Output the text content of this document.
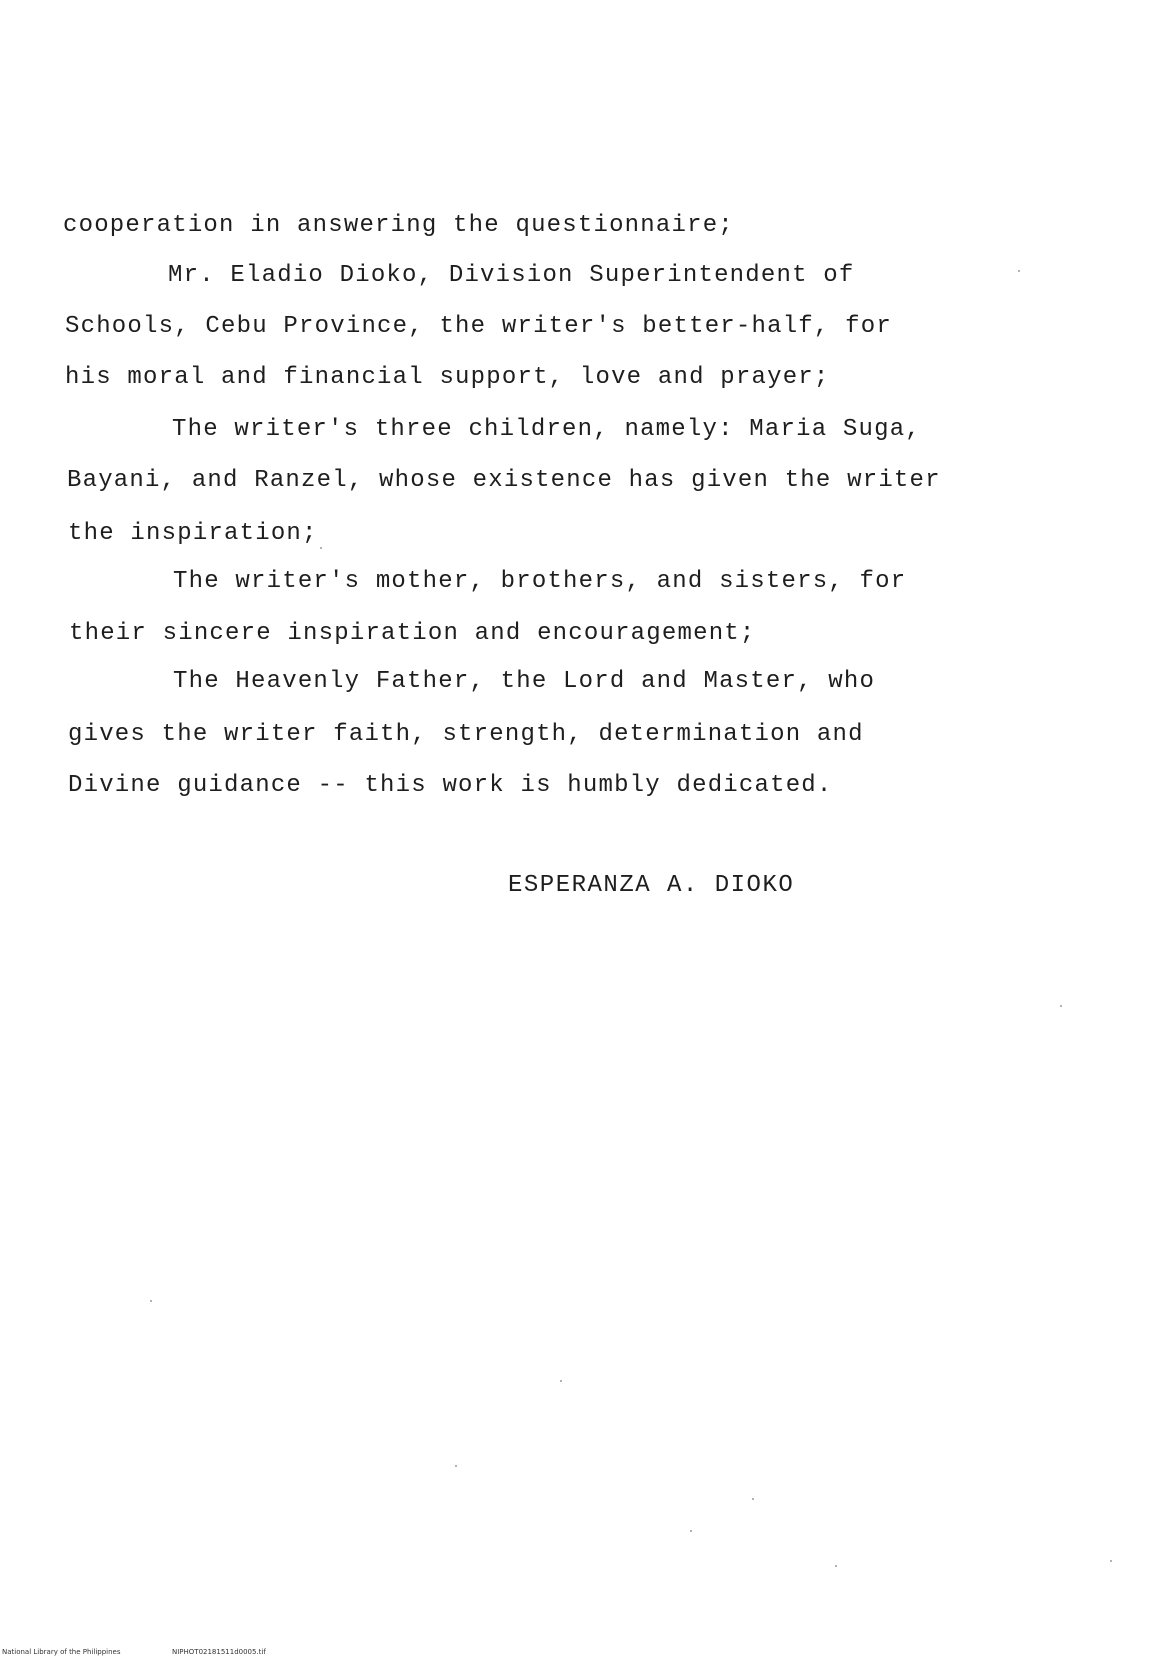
cooperation in answering the questionnaire;
Mr. Eladio Dioko, Division Superintendent of
Schools, Cebu Province, the writer's better-half, for
his moral and financial support, love and prayer;
The writer's three children, namely: Maria Suga,
Bayani, and Ranzel, whose existence has given the writer
the inspiration;
The writer's mother, brothers, and sisters, for
their sincere inspiration and encouragement;
The Heavenly Father, the Lord and Master, who
gives the writer faith, strength, determination and
Divine guidance -- this work is humbly dedicated.
ESPERANZA A. DIOKO
National Library of the Philippines	NIPHOT02181511d0005.tif
